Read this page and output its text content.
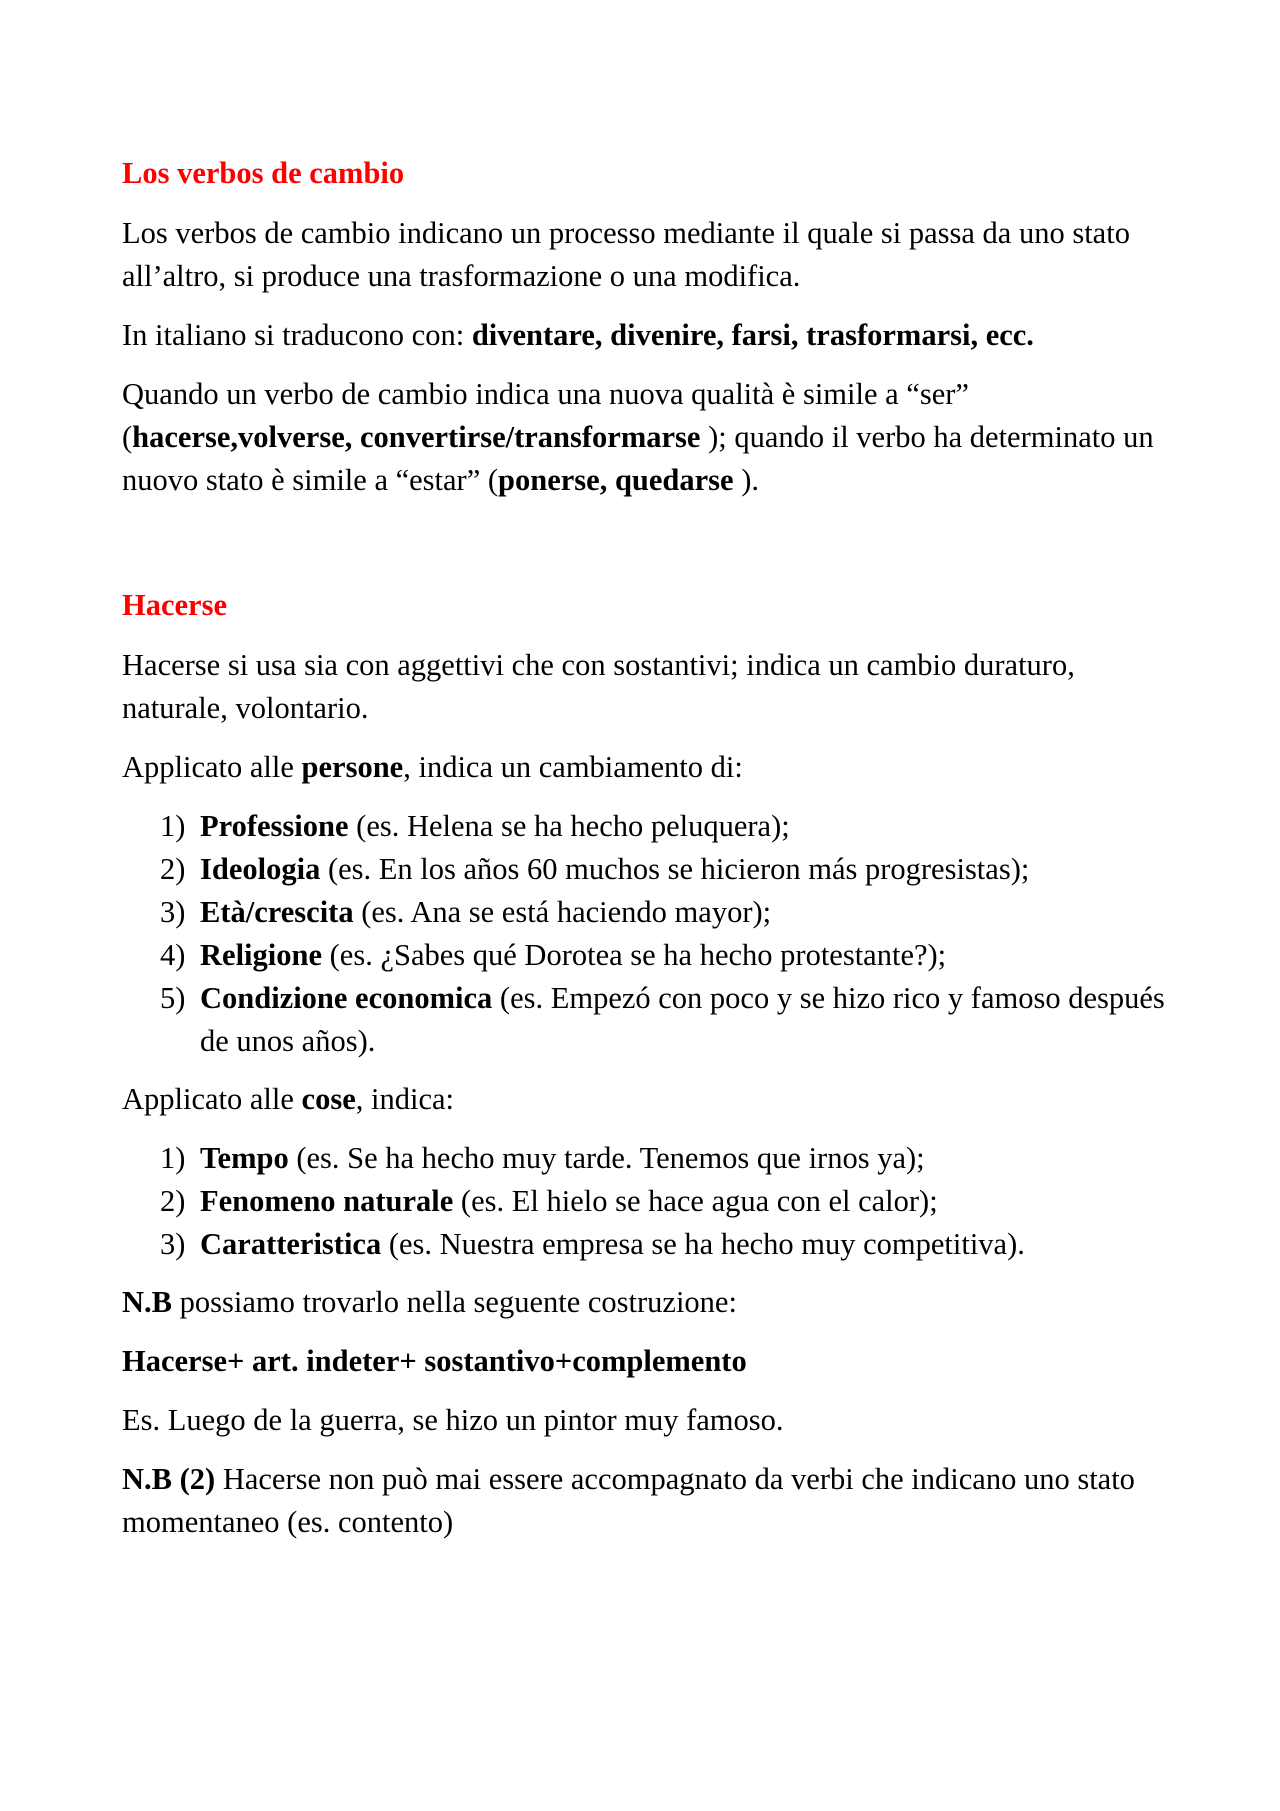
Los verbos de cambio

Los verbos de cambio indicano un processo mediante il quale si passa da uno stato all’altro, si produce una trasformazione o una modifica.

In italiano si traducono con: diventare, divenire, farsi, trasformarsi, ecc.

Quando un verbo de cambio indica una nuova qualità è simile a “ser” (hacerse,volverse, convertirse/transformarse ); quando il verbo ha determinato un nuovo stato è simile a “estar” (ponerse, quedarse ).

Hacerse

Hacerse si usa sia con aggettivi che con sostantivi; indica un cambio duraturo, naturale, volontario.

Applicato alle persone, indica un cambiamento di:

1) Professione (es. Helena se ha hecho peluquera);
2) Ideologia (es. En los años 60 muchos se hicieron más progresistas);
3) Età/crescita (es. Ana se está haciendo mayor);
4) Religione (es. ¿Sabes qué Dorotea se ha hecho protestante?);
5) Condizione economica (es. Empezó con poco y se hizo rico y famoso después de unos años).

Applicato alle cose, indica:

1) Tempo (es. Se ha hecho muy tarde. Tenemos que irnos ya);
2) Fenomeno naturale (es. El hielo se hace agua con el calor);
3) Caratteristica (es. Nuestra empresa se ha hecho muy competitiva).

N.B possiamo trovarlo nella seguente costruzione:

Hacerse+ art. indeter+ sostantivo+complemento

Es. Luego de la guerra, se hizo un pintor muy famoso.

N.B (2) Hacerse non può mai essere accompagnato da verbi che indicano uno stato momentaneo (es. contento)
